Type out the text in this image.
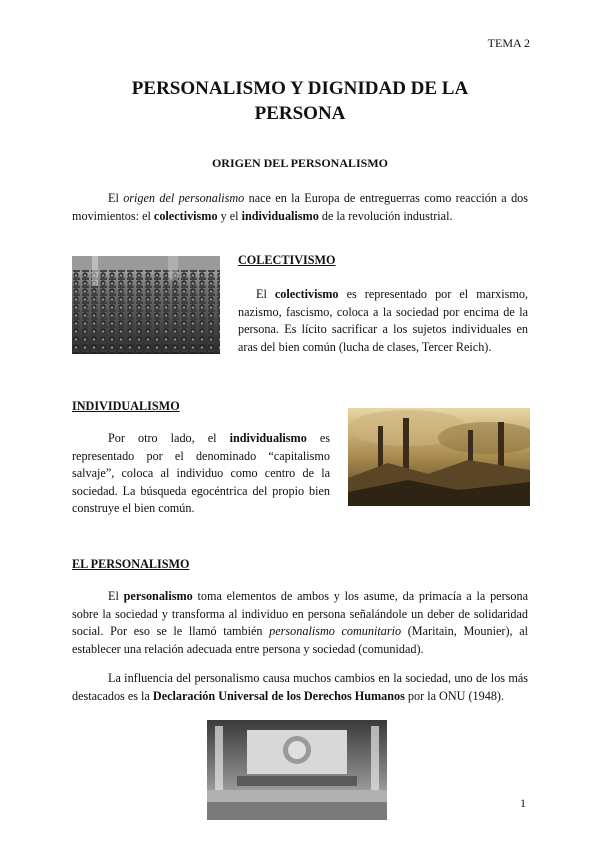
TEMA 2
PERSONALISMO Y DIGNIDAD DE LA
PERSONA
ORIGEN DEL PERSONALISMO

El origen del personalismo nace en la Europa de entreguerras como reacción a dos movimientos: el colectivismo y el individualismo de la revolución industrial.

COLECTIVISMO

El colectivismo es representado por el marxismo, nazismo, fascismo, coloca a la sociedad por encima de la persona. Es lícito sacrificar a los sujetos individuales en aras del bien común (lucha de clases, Tercer Reich).

INDIVIDUALISMO

Por otro lado, el individualismo es representado por el denominado “capitalismo salvaje”, coloca al individuo como centro de la sociedad. La búsqueda egocéntrica del propio bien construye el bien común.

EL PERSONALISMO

El personalismo toma elementos de ambos y los asume, da primacía a la persona sobre la sociedad y transforma al individuo en persona señalándole un deber de solidaridad social. Por eso se le llamó también personalismo comunitario (Maritain, Mounier), al establecer una relación adecuada entre persona y sociedad (comunidad).

La influencia del personalismo causa muchos cambios en la sociedad, uno de los más destacados es la Declaración Universal de los Derechos Humanos por la ONU (1948).

1
